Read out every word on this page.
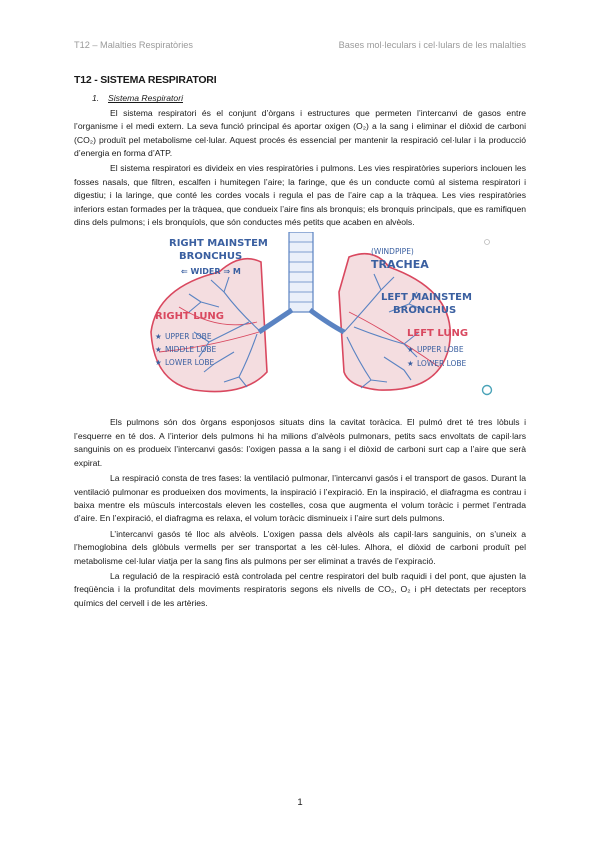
T12 – Malalties Respiratòries	Bases mol·leculars i cel·lulars de les malalties
T12 - SISTEMA RESPIRATORI
1. Sistema Respiratori

El sistema respiratori és el conjunt d’òrgans i estructures que permeten l’intercanvi de gasos entre l’organisme i el medi extern. La seva funció principal és aportar oxigen (O₂) a la sang i eliminar el diòxid de carboni (CO₂) produït pel metabolisme cel·lular. Aquest procés és essencial per mantenir la respiració cel·lular i la producció d’energia en forma d’ATP.

El sistema respiratori es divideix en vies respiratòries i pulmons. Les vies respiratòries superiors inclouen les fosses nasals, que filtren, escalfen i humitegen l’aire; la faringe, que és un conducte comú al sistema respiratori i digestiu; i la laringe, que conté les cordes vocals i regula el pas de l’aire cap a la tràquea. Les vies respiratòries inferiors estan formades per la tràquea, que condueix l’aire fins als bronquis; els bronquis principals, que es ramifiquen dins dels pulmons; i els bronquíols, que són conductes més petits que acaben en alvèols.

RIGHT MAINSTEM
BRONCHUS
⇐ WIDER ⇒ M
(WINDPIPE)
TRACHEA
LEFT MAINSTEM
BRONCHUS
RIGHT LUNG
★ UPPER LOBE
★ MIDDLE LOBE
★ LOWER LOBE
LEFT LUNG
★ UPPER LOBE
★ LOWER LOBE

Els pulmons són dos òrgans esponjosos situats dins la cavitat toràcica. El pulmó dret té tres lòbuls i l’esquerre en té dos. A l’interior dels pulmons hi ha milions d’alvèols pulmonars, petits sacs envoltats de capil·lars sanguinis on es produeix l’intercanvi gasós: l’oxigen passa a la sang i el diòxid de carboni surt cap a l’aire que serà expirat.

La respiració consta de tres fases: la ventilació pulmonar, l’intercanvi gasós i el transport de gasos. Durant la ventilació pulmonar es produeixen dos moviments, la inspiració i l’expiració. En la inspiració, el diafragma es contrau i baixa mentre els músculs intercostals eleven les costelles, cosa que augmenta el volum toràcic i permet l’entrada d’aire. En l’expiració, el diafragma es relaxa, el volum toràcic disminueix i l’aire surt dels pulmons.

L’intercanvi gasós té lloc als alvèols. L’oxigen passa dels alvèols als capil·lars sanguinis, on s’uneix a l’hemoglobina dels glòbuls vermells per ser transportat a les cèl·lules. Alhora, el diòxid de carboni produït pel metabolisme cel·lular viatja per la sang fins als pulmons per ser eliminat a través de l’expiració.

La regulació de la respiració està controlada pel centre respiratori del bulb raquidi i del pont, que ajusten la freqüència i la profunditat dels moviments respiratoris segons els nivells de CO₂, O₂ i pH detectats per receptors químics del cervell i de les artèries.

1
